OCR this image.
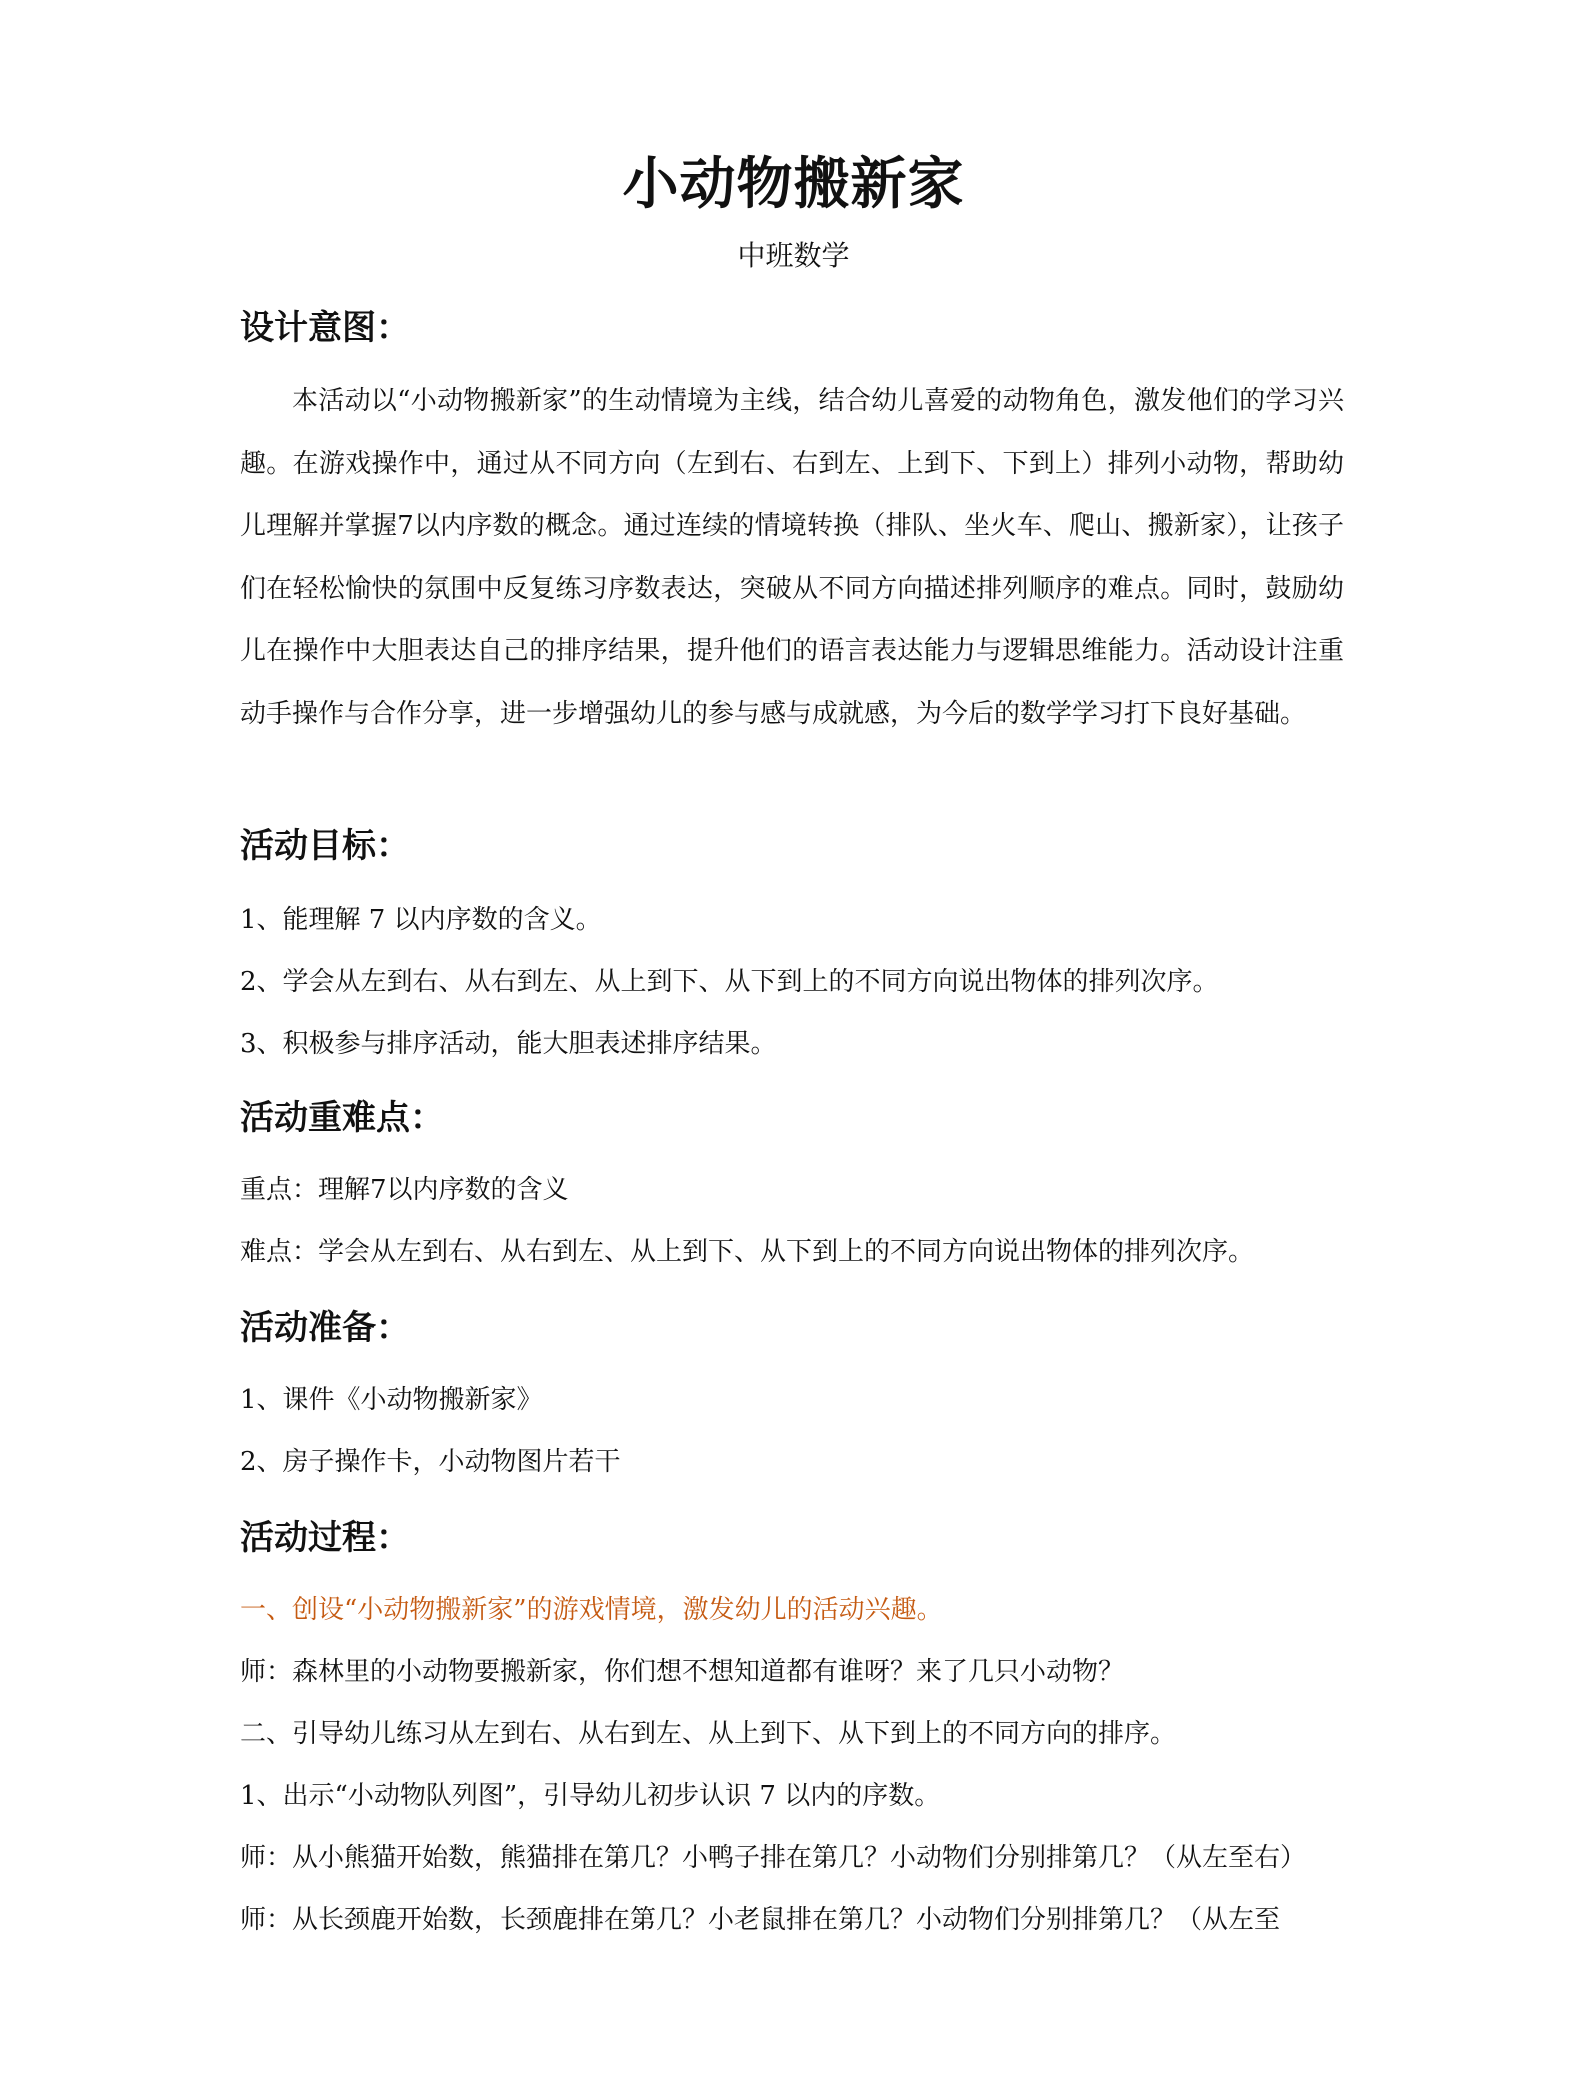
小动物搬新家
中班数学
设计意图：
本活动以“小动物搬新家”的生动情境为主线，结合幼儿喜爱的动物角色，激发他们的学习兴趣。在游戏操作中，通过从不同方向（左到右、右到左、上到下、下到上）排列小动物，帮助幼儿理解并掌握7以内序数的概念。通过连续的情境转换（排队、坐火车、爬山、搬新家），让孩子们在轻松愉快的氛围中反复练习序数表达，突破从不同方向描述排列顺序的难点。同时，鼓励幼儿在操作中大胆表达自己的排序结果，提升他们的语言表达能力与逻辑思维能力。活动设计注重动手操作与合作分享，进一步增强幼儿的参与感与成就感，为今后的数学学习打下良好基础。
活动目标：
1、能理解 7 以内序数的含义。
2、学会从左到右、从右到左、从上到下、从下到上的不同方向说出物体的排列次序。
3、积极参与排序活动，能大胆表述排序结果。
活动重难点：
重点：理解7以内序数的含义
难点：学会从左到右、从右到左、从上到下、从下到上的不同方向说出物体的排列次序。
活动准备：
1、课件《小动物搬新家》
2、房子操作卡，小动物图片若干
活动过程：
一、创设“小动物搬新家”的游戏情境，激发幼儿的活动兴趣。
师：森林里的小动物要搬新家，你们想不想知道都有谁呀？来了几只小动物？
二、引导幼儿练习从左到右、从右到左、从上到下、从下到上的不同方向的排序。
1、出示“小动物队列图”，引导幼儿初步认识 7 以内的序数。
师：从小熊猫开始数，熊猫排在第几？小鸭子排在第几？小动物们分别排第几？（从左至右）
师：从长颈鹿开始数，长颈鹿排在第几？小老鼠排在第几？小动物们分别排第几？（从左至
